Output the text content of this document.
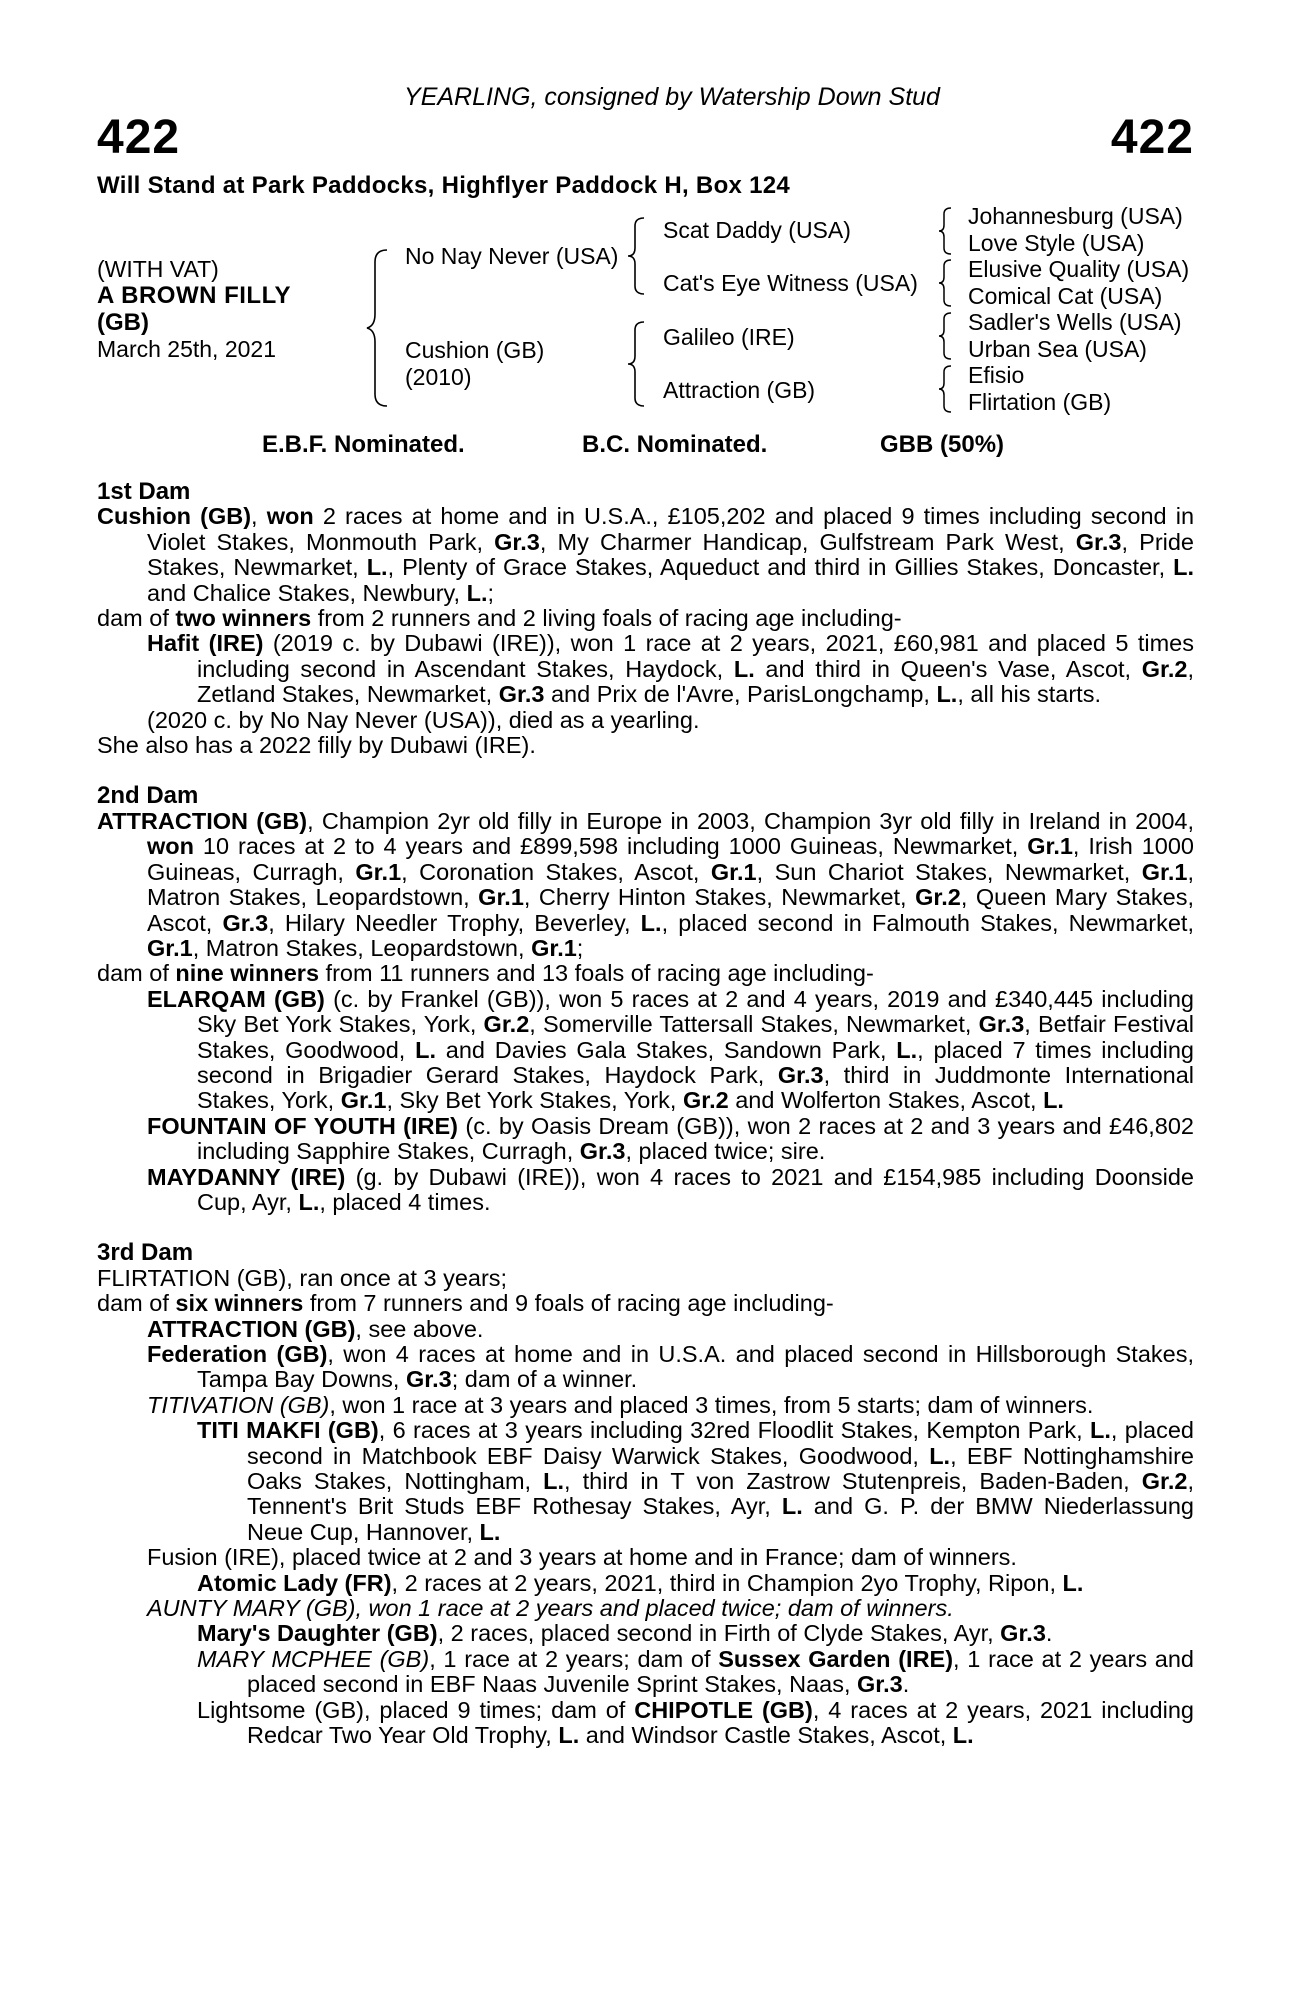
YEARLING, consigned by Watership Down Stud
422	422
Will Stand at Park Paddocks, Highflyer Paddock H, Box 124
(WITH VAT)
A BROWN FILLY
(GB)
March 25th, 2021
No Nay Never (USA)
Cushion (GB)
(2010)
Scat Daddy (USA)
Cat's Eye Witness (USA)
Galileo (IRE)
Attraction (GB)
Johannesburg (USA)
Love Style (USA)
Elusive Quality (USA)
Comical Cat (USA)
Sadler's Wells (USA)
Urban Sea (USA)
Efisio
Flirtation (GB)
E.B.F. Nominated.	B.C. Nominated.	GBB (50%)
1st Dam

Cushion (GB), won 2 races at home and in U.S.A., £105,202 and placed 9 times including second in Violet Stakes, Monmouth Park, Gr.3, My Charmer Handicap, Gulfstream Park West, Gr.3, Pride Stakes, Newmarket, L., Plenty of Grace Stakes, Aqueduct and third in Gillies Stakes, Doncaster, L. and Chalice Stakes, Newbury, L.;

dam of two winners from 2 runners and 2 living foals of racing age including-

Hafit (IRE) (2019 c. by Dubawi (IRE)), won 1 race at 2 years, 2021, £60,981 and placed 5 times including second in Ascendant Stakes, Haydock, L. and third in Queen's Vase, Ascot, Gr.2, Zetland Stakes, Newmarket, Gr.3 and Prix de l'Avre, ParisLongchamp, L., all his starts.

(2020 c. by No Nay Never (USA)), died as a yearling.

She also has a 2022 filly by Dubawi (IRE).

2nd Dam

ATTRACTION (GB), Champion 2yr old filly in Europe in 2003, Champion 3yr old filly in Ireland in 2004, won 10 races at 2 to 4 years and £899,598 including 1000 Guineas, Newmarket, Gr.1, Irish 1000 Guineas, Curragh, Gr.1, Coronation Stakes, Ascot, Gr.1, Sun Chariot Stakes, Newmarket, Gr.1, Matron Stakes, Leopardstown, Gr.1, Cherry Hinton Stakes, Newmarket, Gr.2, Queen Mary Stakes, Ascot, Gr.3, Hilary Needler Trophy, Beverley, L., placed second in Falmouth Stakes, Newmarket, Gr.1, Matron Stakes, Leopardstown, Gr.1;

dam of nine winners from 11 runners and 13 foals of racing age including-

ELARQAM (GB) (c. by Frankel (GB)), won 5 races at 2 and 4 years, 2019 and £340,445 including Sky Bet York Stakes, York, Gr.2, Somerville Tattersall Stakes, Newmarket, Gr.3, Betfair Festival Stakes, Goodwood, L. and Davies Gala Stakes, Sandown Park, L., placed 7 times including second in Brigadier Gerard Stakes, Haydock Park, Gr.3, third in Juddmonte International Stakes, York, Gr.1, Sky Bet York Stakes, York, Gr.2 and Wolferton Stakes, Ascot, L.

FOUNTAIN OF YOUTH (IRE) (c. by Oasis Dream (GB)), won 2 races at 2 and 3 years and £46,802 including Sapphire Stakes, Curragh, Gr.3, placed twice; sire.

MAYDANNY (IRE) (g. by Dubawi (IRE)), won 4 races to 2021 and £154,985 including Doonside Cup, Ayr, L., placed 4 times.

3rd Dam

FLIRTATION (GB), ran once at 3 years;

dam of six winners from 7 runners and 9 foals of racing age including-

ATTRACTION (GB), see above.

Federation (GB), won 4 races at home and in U.S.A. and placed second in Hillsborough Stakes, Tampa Bay Downs, Gr.3; dam of a winner.

TITIVATION (GB), won 1 race at 3 years and placed 3 times, from 5 starts; dam of winners.

TITI MAKFI (GB), 6 races at 3 years including 32red Floodlit Stakes, Kempton Park, L., placed second in Matchbook EBF Daisy Warwick Stakes, Goodwood, L., EBF Nottinghamshire Oaks Stakes, Nottingham, L., third in T von Zastrow Stutenpreis, Baden-Baden, Gr.2, Tennent's Brit Studs EBF Rothesay Stakes, Ayr, L. and G. P. der BMW Niederlassung Neue Cup, Hannover, L.

Fusion (IRE), placed twice at 2 and 3 years at home and in France; dam of winners.

Atomic Lady (FR), 2 races at 2 years, 2021, third in Champion 2yo Trophy, Ripon, L.

AUNTY MARY (GB), won 1 race at 2 years and placed twice; dam of winners.

Mary's Daughter (GB), 2 races, placed second in Firth of Clyde Stakes, Ayr, Gr.3.

MARY MCPHEE (GB), 1 race at 2 years; dam of Sussex Garden (IRE), 1 race at 2 years and placed second in EBF Naas Juvenile Sprint Stakes, Naas, Gr.3.

Lightsome (GB), placed 9 times; dam of CHIPOTLE (GB), 4 races at 2 years, 2021 including Redcar Two Year Old Trophy, L. and Windsor Castle Stakes, Ascot, L.
